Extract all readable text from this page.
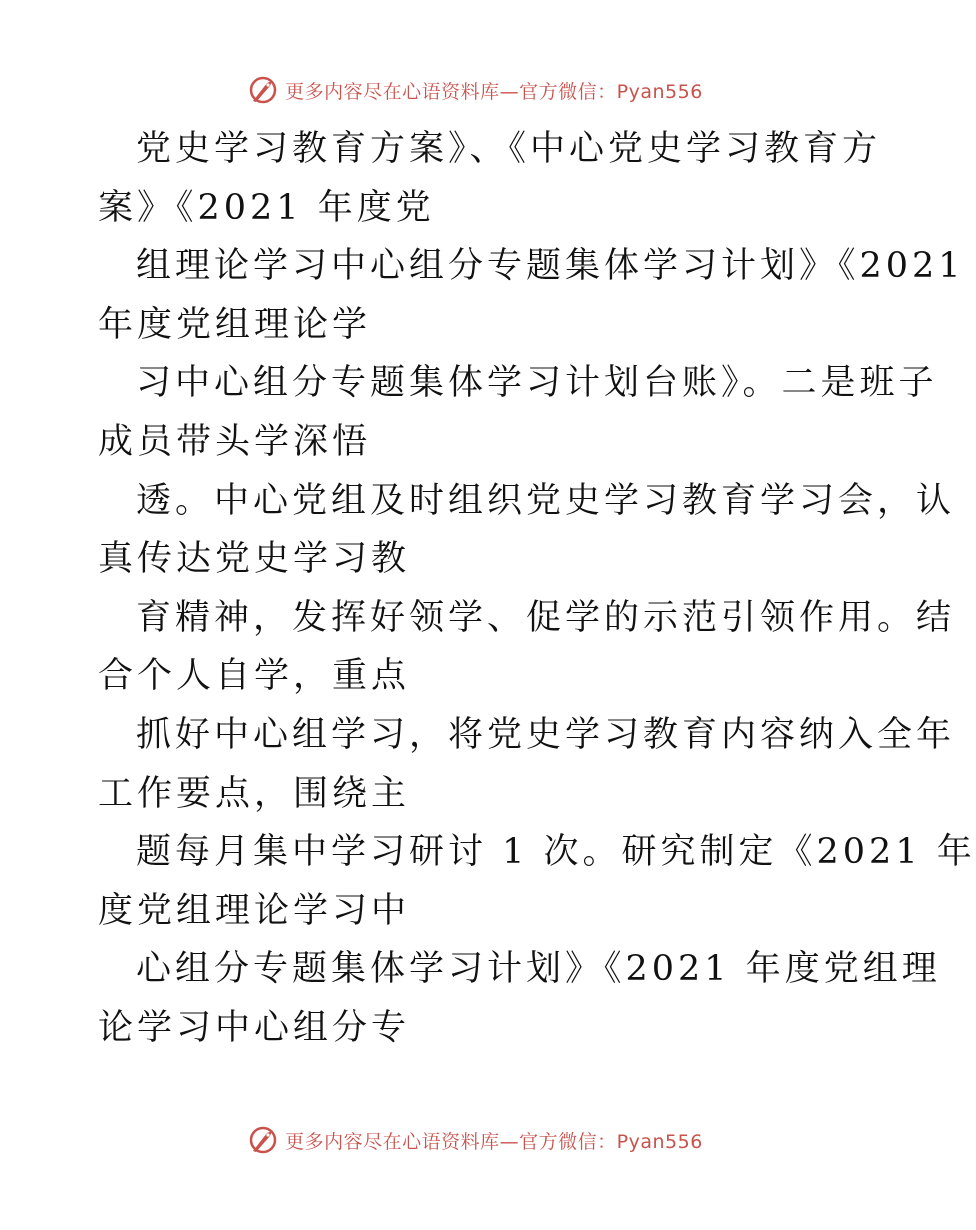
更多内容尽在心语资料库—官方微信：Pyan556
党史学习教育方案》、《中心党史学习教育方
案》《2021 年度党
组理论学习中心组分专题集体学习计划》《2021
年度党组理论学
习中心组分专题集体学习计划台账》。二是班子
成员带头学深悟
透。中心党组及时组织党史学习教育学习会，认
真传达党史学习教
育精神，发挥好领学、促学的示范引领作用。结
合个人自学，重点
抓好中心组学习，将党史学习教育内容纳入全年
工作要点，围绕主
题每月集中学习研讨 1 次。研究制定《2021 年
度党组理论学习中
心组分专题集体学习计划》《2021 年度党组理
论学习中心组分专
更多内容尽在心语资料库—官方微信：Pyan556
